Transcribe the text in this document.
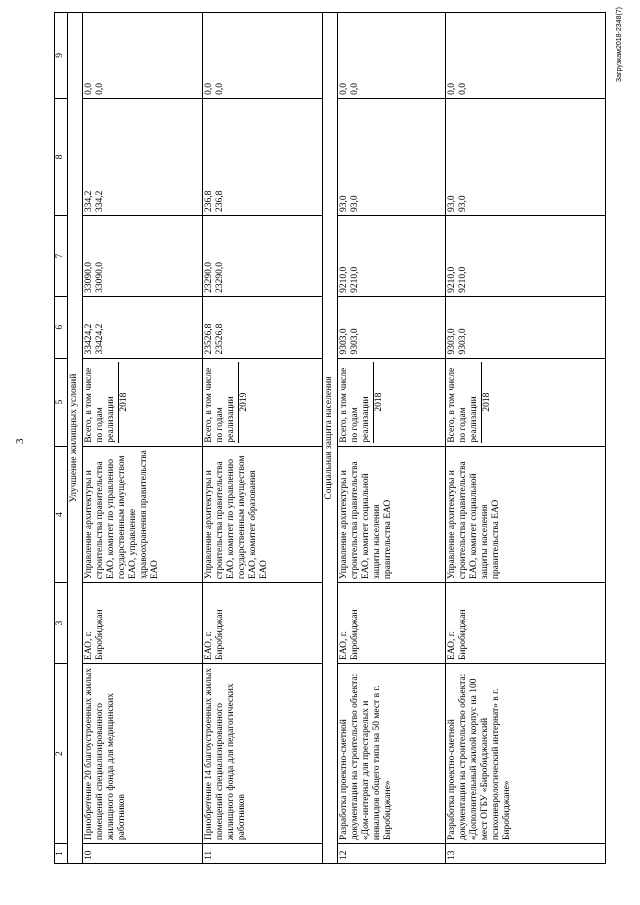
3
1	2	3	4	5	6	7	8	9
Улучшение жилищных условий								
10	Приобретение 20 благоустроенных жилых помещений специализированного жилищного фонда для медицинских работников	ЕАО, г. Биробиджан	Управление архитектуры и строительства правительства ЕАО, комитет по управлению государственным имуществом ЕАО, управление здравоохранения правительства ЕАО	Всего, в том числе по годам реализации 2018	33424,2 33424,2	33090,0 33090,0	334,2 334,2	0,0 0,0

11	Приобретение 14 благоустроенных жилых помещений специализированного жилищного фонда для педагогических работников	ЕАО, г. Биробиджан	Управление архитектуры и строительства правительства ЕАО, комитет по управлению государственным имуществом ЕАО, комитет образования ЕАО	Всего, в том числе по годам реализации 2019	23526,8 23526,8	23290,0 23290,0	236,8 236,8	0,0 0,0

Социальная защита населения								
12	Разработка проектно-сметной документации на строительство объекта: «Дом-интернат для престарелых и инвалидов общего типа на 50 мест в г. Биробиджане»	ЕАО, г. Биробиджан	Управление архитектуры и строительства правительства ЕАО, комитет социальной защиты населения правительства ЕАО	Всего, в том числе по годам реализации 2018	9303,0 9303,0	9210,0 9210,0	93,0 93,0	0,0 0,0

13	Разработка проектно-сметной документации на строительство объекта: «Дополнительный жилой корпус на 100 мест ОГБУ «Биробиджанский психоневрологический интернат» в г. Биробиджане»	ЕАО, г. Биробиджан	Управление архитектуры и строительства правительства ЕАО, комитет социальной защиты населения правительства ЕАО	Всего, в том числе по годам реализации 2018	9303,0 9303,0	9210,0 9210,0	93,0 93,0	0,0 0,0
Загрузкам2018-2348(7)
